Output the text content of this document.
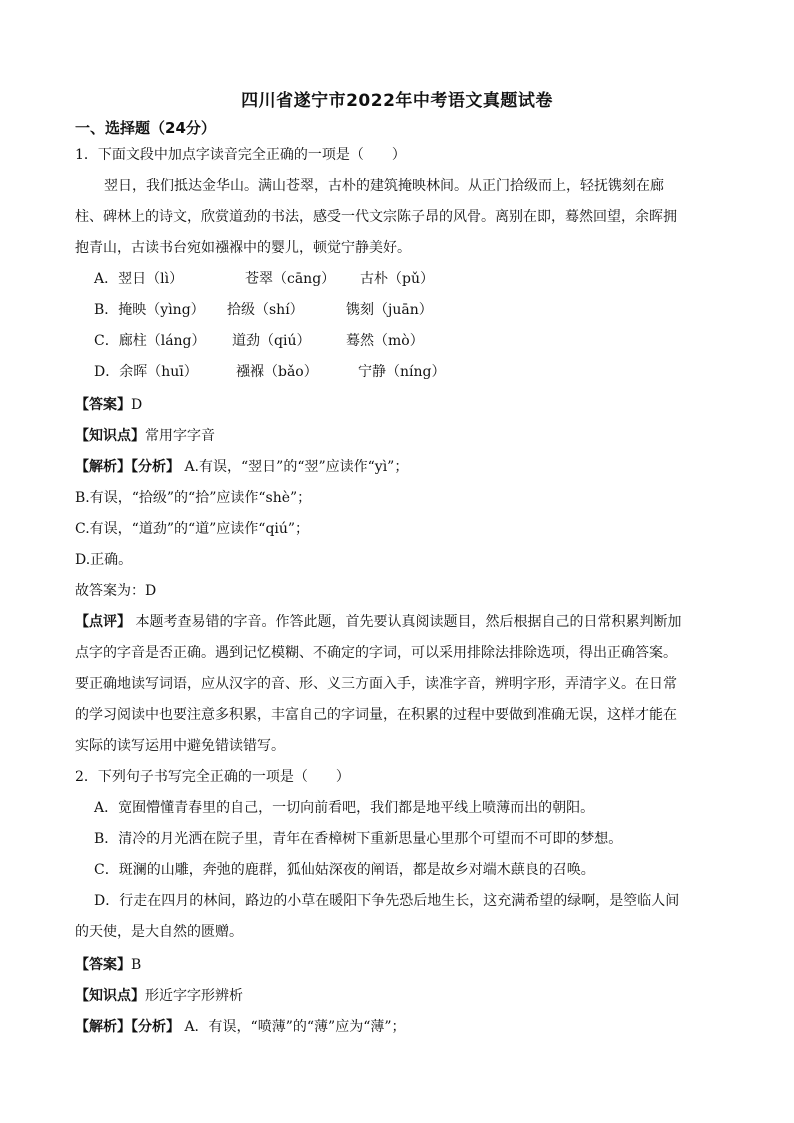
四川省遂宁市2022年中考语文真题试卷
一、选择题（24分）
1．下面文段中加点字读音完全正确的一项是（　　）
翌日，我们抵达金华山。满山苍翠，古朴的建筑掩映林间。从正门拾级而上，轻抚镌刻在廊
柱、碑林上的诗文，欣赏道劲的书法，感受一代文宗陈子昂的风骨。离别在即，蓦然回望，余晖拥
抱青山，古读书台宛如襁褓中的婴儿，顿觉宁静美好。
A．翌日（lì）	苍翠（cāng） 古朴（pǔ）
B．掩映（yìng） 拾级（shí）	镌刻（juān）
C．廊柱（láng） 道劲（qiú）	蓦然（mò）
D．余晖（huī）	襁褓（bǎo）	宁静（níng）
【答案】D
【知识点】常用字字音
【解析】【分析】 A.有误，“翌日”的“翌”应读作“yì”；
B.有误，“拾级”的“拾”应读作“shè”；
C.有误，“道劲”的“道”应读作“qiú”；
D.正确。
故答案为：D
【点评】 本题考查易错的字音。作答此题，首先要认真阅读题目，然后根据自己的日常积累判断加
点字的字音是否正确。遇到记忆模糊、不确定的字词，可以采用排除法排除选项，得出正确答案。
要正确地读写词语，应从汉字的音、形、义三方面入手，读准字音，辨明字形，弄清字义。在日常
的学习阅读中也要注意多积累，丰富自己的字词量，在积累的过程中要做到准确无误，这样才能在
实际的读写运用中避免错读错写。
2．下列句子书写完全正确的一项是（　　）
A．宽囿懵懂青春里的自己，一切向前看吧，我们都是地平线上喷薄而出的朝阳。
B．清冷的月光洒在院子里，青年在香樟树下重新思量心里那个可望而不可即的梦想。
C．斑澜的山雕，奔弛的鹿群，狐仙姑深夜的阐语，都是故乡对端木蕻良的召唤。
D．行走在四月的林间，路边的小草在暖阳下争先恐后地生长，这充满希望的绿啊，是箜临人间
的天使，是大自然的匮赠。
【答案】B
【知识点】形近字字形辨析
【解析】【分析】 A．有误，“喷薄”的“薄”应为“薄”；
